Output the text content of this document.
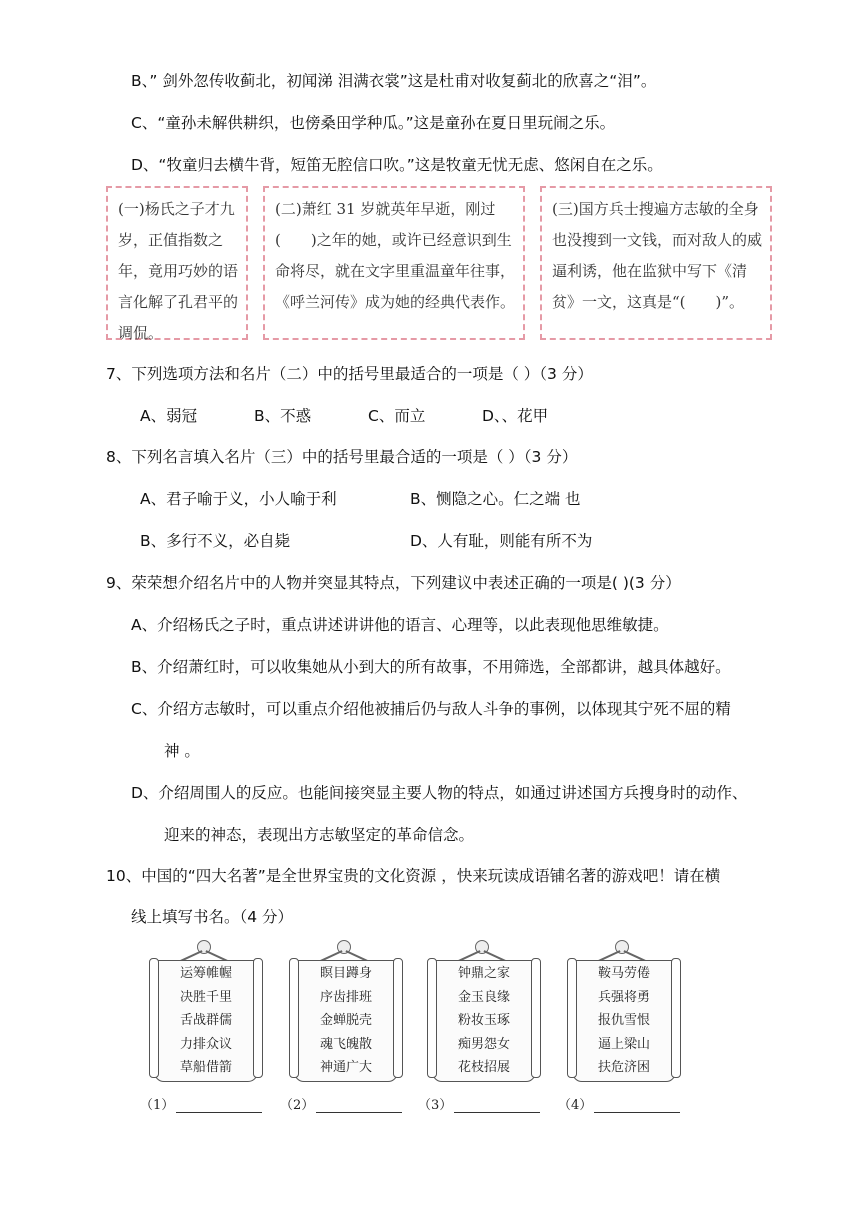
B、” 剑外忽传收蓟北，初闻涕 泪满衣裳”这是杜甫对收复蓟北的欣喜之“泪”。
C、“童孙未解供耕织，也傍桑田学种瓜。”这是童孙在夏日里玩闹之乐。
D、“牧童归去横牛背，短笛无腔信口吹。”这是牧童无忧无虑、悠闲自在之乐。
(一)杨氏之子才九岁，正值指数之年，竟用巧妙的语言化解了孔君平的调侃。
(二)萧红 31 岁就英年早逝，刚过(　　)之年的她，或许已经意识到生命将尽，就在文字里重温童年往事，《呼兰河传》成为她的经典代表作。
(三)国方兵士搜遍方志敏的全身也没搜到一文钱，而对敌人的威逼利诱，他在监狱中写下《清贫》一文，这真是“(　　)”。
7、下列选项方法和名片（二）中的括号里最适合的一项是（ ）（3 分）
A、弱冠	B、不惑	C、而立	D、、花甲
8、下列名言填入名片（三）中的括号里最合适的一项是（ ）（3 分）
A、君子喻于义，小人喻于利	B、恻隐之心。仁之端 也
B、多行不义，必自毙	D、人有耻，则能有所不为
9、荣荣想介绍名片中的人物并突显其特点，下列建议中表述正确的一项是( )(3 分）
A、介绍杨氏之子时，重点讲述讲讲他的语言、心理等，以此表现他思维敏捷。
B、介绍萧红时，可以收集她从小到大的所有故事，不用筛选，全部都讲，越具体越好。
C、介绍方志敏时，可以重点介绍他被捕后仍与敌人斗争的事例，以体现其宁死不屈的精
神 。
D、介绍周围人的反应。也能间接突显主要人物的特点，如通过讲述国方兵搜身时的动作、
迎来的神态，表现出方志敏坚定的革命信念。
10、中国的“四大名著”是全世界宝贵的文化资源 ，快来玩读成语铺名著的游戏吧！请在横
线上填写书名。（4 分）
运筹帷幄
决胜千里
舌战群儒
力排众议
草船借箭
瞑目蹲身
序齿排班
金蝉脱壳
魂飞魄散
神通广大
钟鼎之家
金玉良缘
粉妆玉琢
痴男怨女
花枝招展
鞍马劳倦
兵强将勇
报仇雪恨
逼上梁山
扶危济困
（1）	（2）	（3）	（4）
